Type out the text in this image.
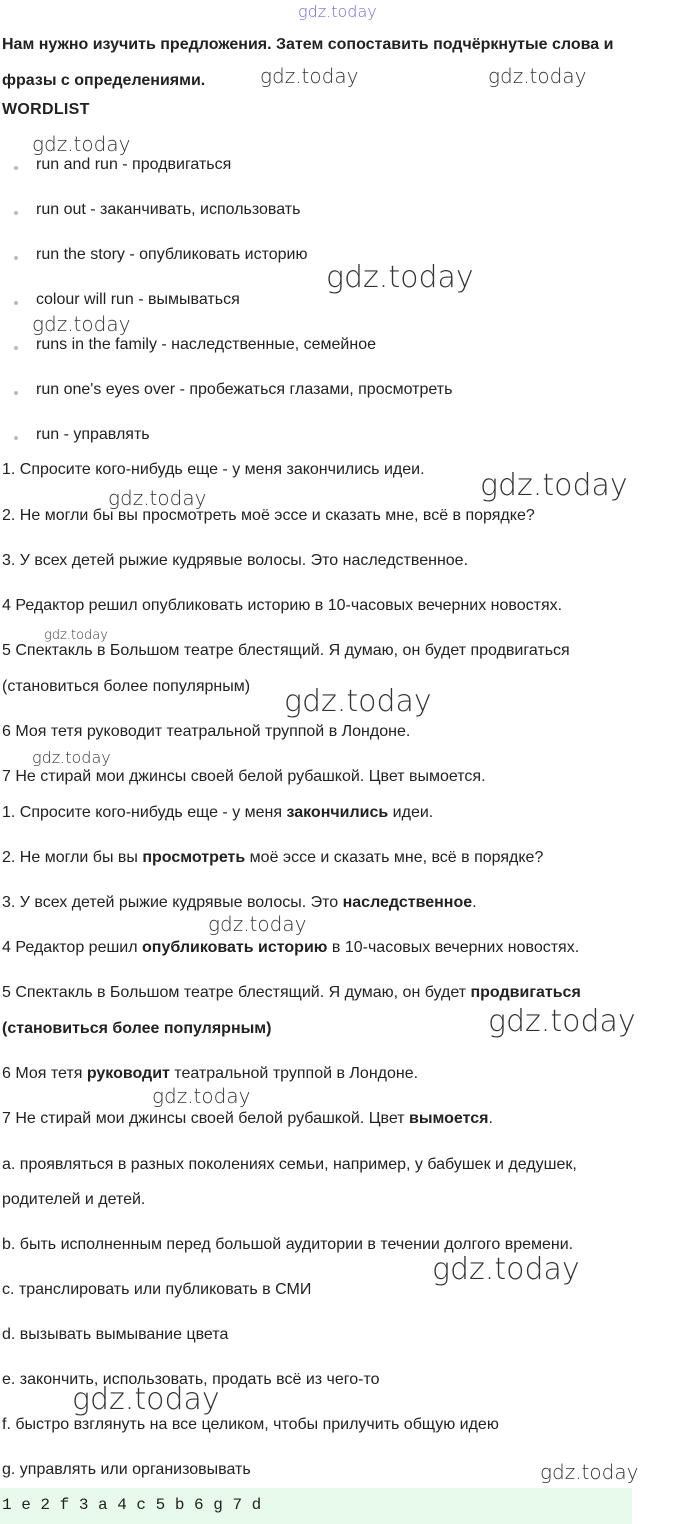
gdz.today
Нам нужно изучить предложения. Затем сопоставить подчёркнутые слова и
фразы с определениями.
WORDLIST
run and run - продвигаться
run out - заканчивать, использовать
run the story - опубликовать историю
colour will run - вымываться
runs in the family - наследственные, семейное
run one's eyes over - пробежаться глазами, просмотреть
run - управлять
1. Спросите кого-нибудь еще - у меня закончились идеи.
2. Не могли бы вы просмотреть моё эссе и сказать мне, всё в порядке?
3. У всех детей рыжие кудрявые волосы. Это наследственное.
4 Редактор решил опубликовать историю в 10-часовых вечерних новостях.
5 Спектакль в Большом театре блестящий. Я думаю, он будет продвигаться
(становиться более популярным)
6 Моя тетя руководит театральной труппой в Лондоне.
7 Не стирай мои джинсы своей белой рубашкой. Цвет вымоется.
1. Спросите кого-нибудь еще - у меня закончились идеи.
2. Не могли бы вы просмотреть моё эссе и сказать мне, всё в порядке?
3. У всех детей рыжие кудрявые волосы. Это наследственное.
4 Редактор решил опубликовать историю в 10-часовых вечерних новостях.
5 Спектакль в Большом театре блестящий. Я думаю, он будет продвигаться
(становиться более популярным)
6 Моя тетя руководит театральной труппой в Лондоне.
7 Не стирай мои джинсы своей белой рубашкой. Цвет вымоется.
a. проявляться в разных поколениях семьи, например, у бабушек и дедушек,
родителей и детей.
b. быть исполненным перед большой аудитории в течении долгого времени.
c. транслировать или публиковать в СМИ
d. вызывать вымывание цвета
e. закончить, использовать, продать всё из чего-то
f. быстро взглянуть на все целиком, чтобы прилучить общую идею
g. управлять или организовывать
1 e 2 f 3 a 4 c 5 b 6 g 7 d
gdz.today	gdz.today
gdz.today
gdz.today
gdz.today
gdz.today
gdz.today
gdz.today
gdz.today
gdz.today
gdz.today
gdz.today
gdz.today
gdz.today
gdz.today
gdz.today
